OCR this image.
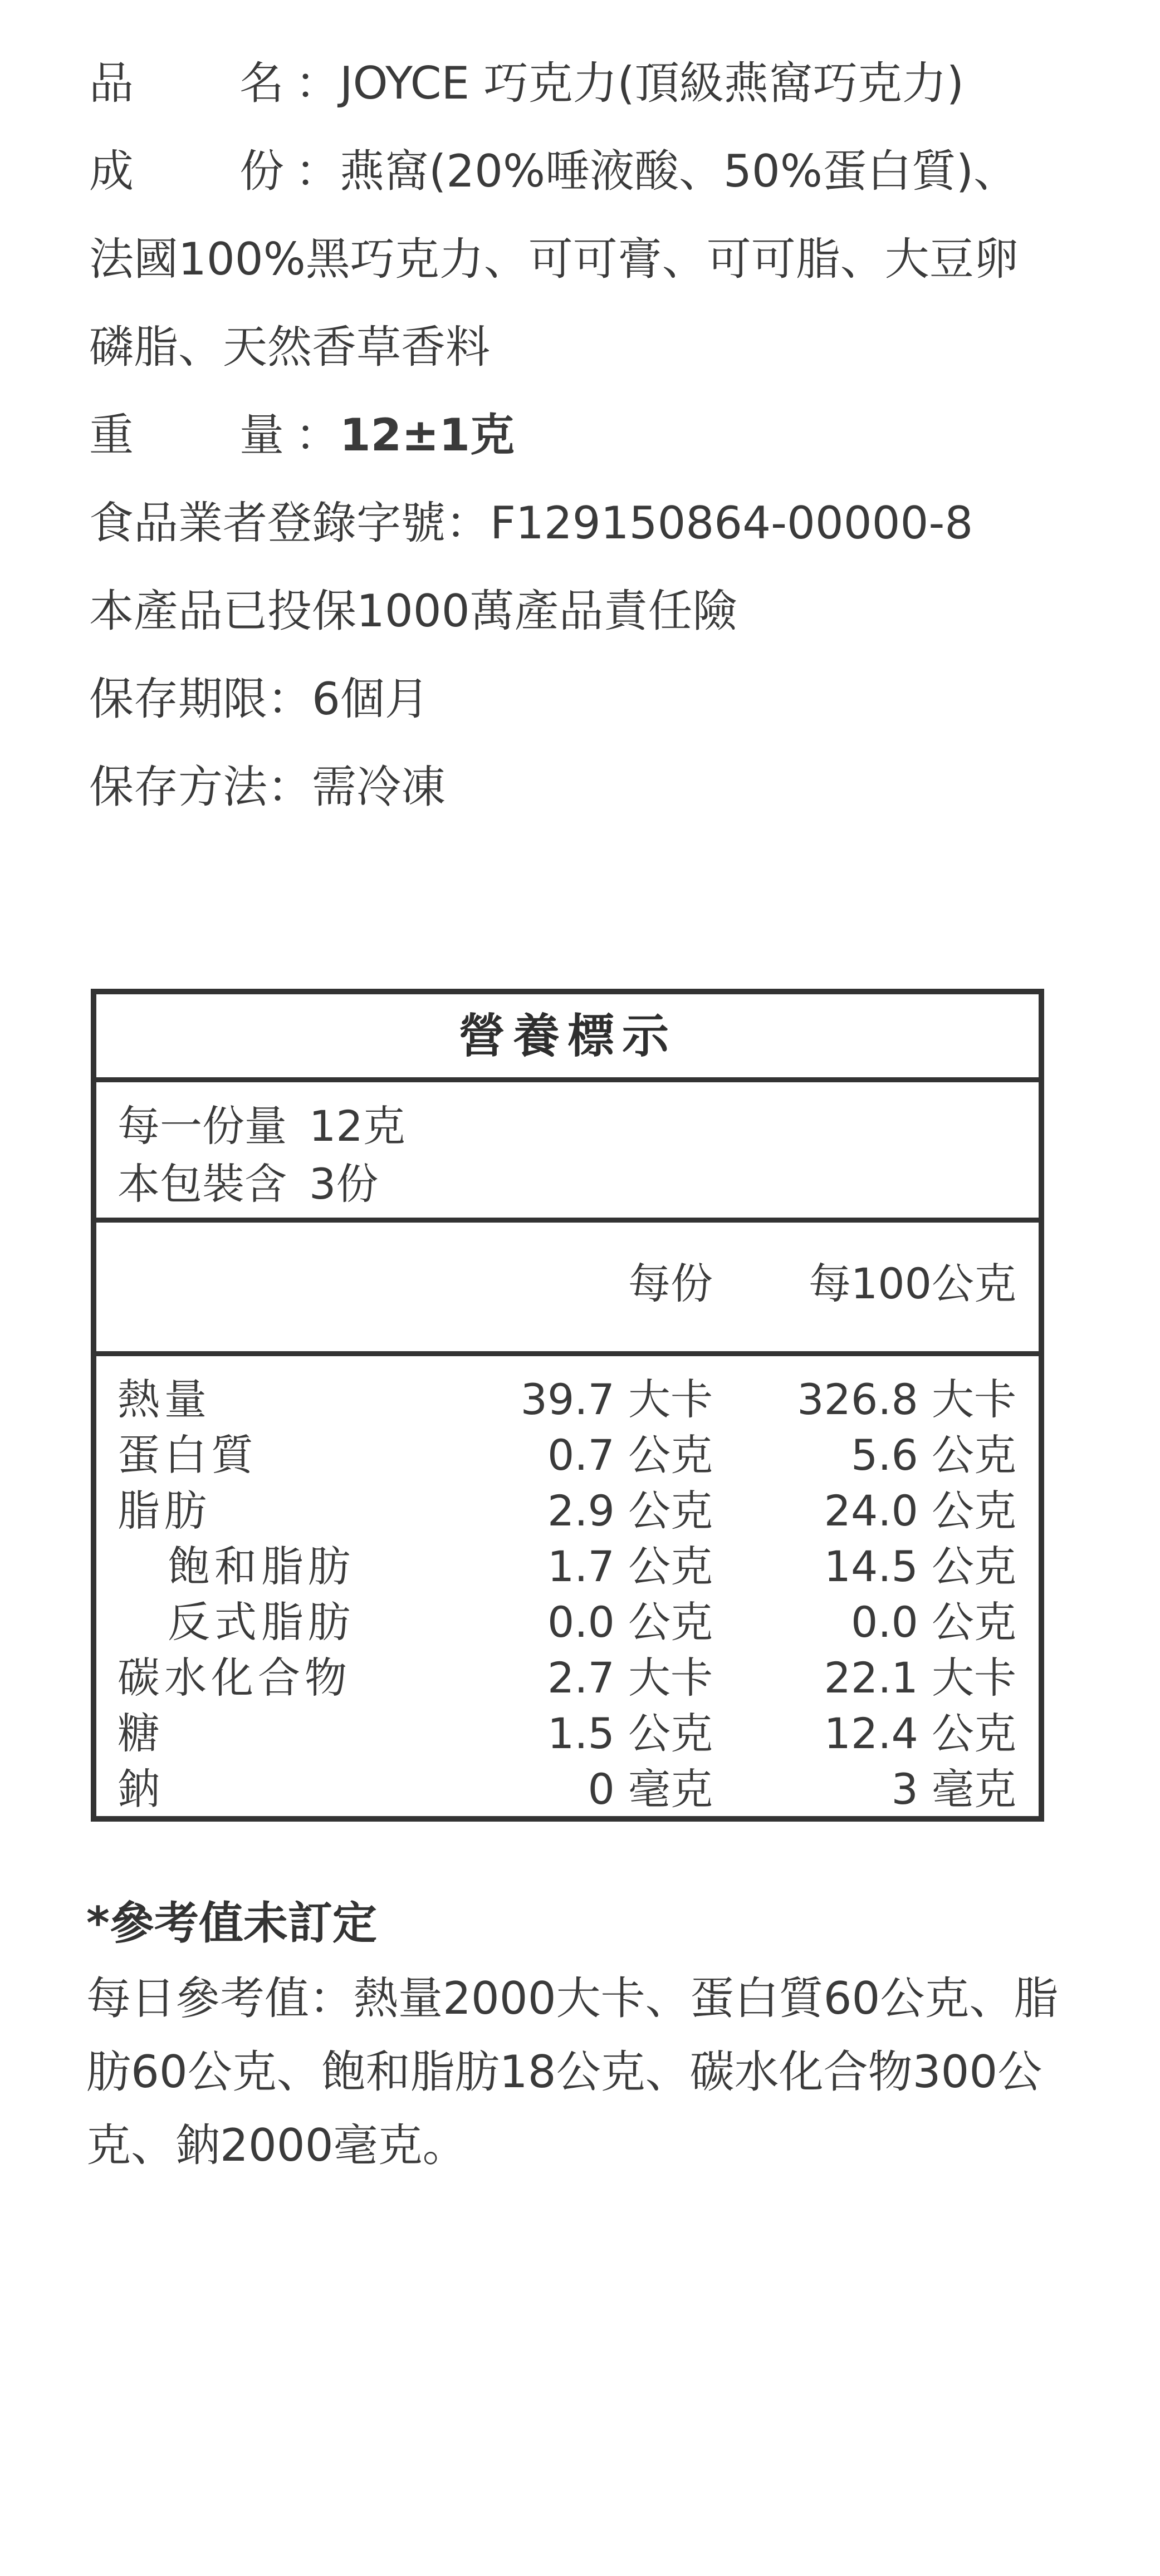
品 名 ：JOYCE 巧克力(頂級燕窩巧克力)
成 份 ：燕窩(20%唾液酸、50%蛋白質)、
法國100%黑巧克力、可可膏、可可脂、大豆卵
磷脂、天然香草香料
重 量 ：12±1克
食品業者登錄字號：F129150864-00000-8
本產品已投保1000萬產品責任險
保存期限：6個月
保存方法：需冷凍
營養標示
每一份量 12克
本包裝含 3份
每份 每100公克
熱量	39.7 大卡 326.8 大卡
蛋白質	0.7 公克	5.6 公克
脂肪	2.9 公克	24.0 公克
飽和脂肪	1.7 公克	14.5 公克
反式脂肪	0.0 公克	0.0 公克
碳水化合物	2.7 大卡	22.1 大卡
糖	1.5 公克	12.4 公克
鈉	0 毫克	3 毫克
*參考值未訂定
每日參考值：熱量2000大卡、蛋白質60公克、脂肪60公克、飽和脂肪18公克、碳水化合物300公克、鈉2000毫克。
